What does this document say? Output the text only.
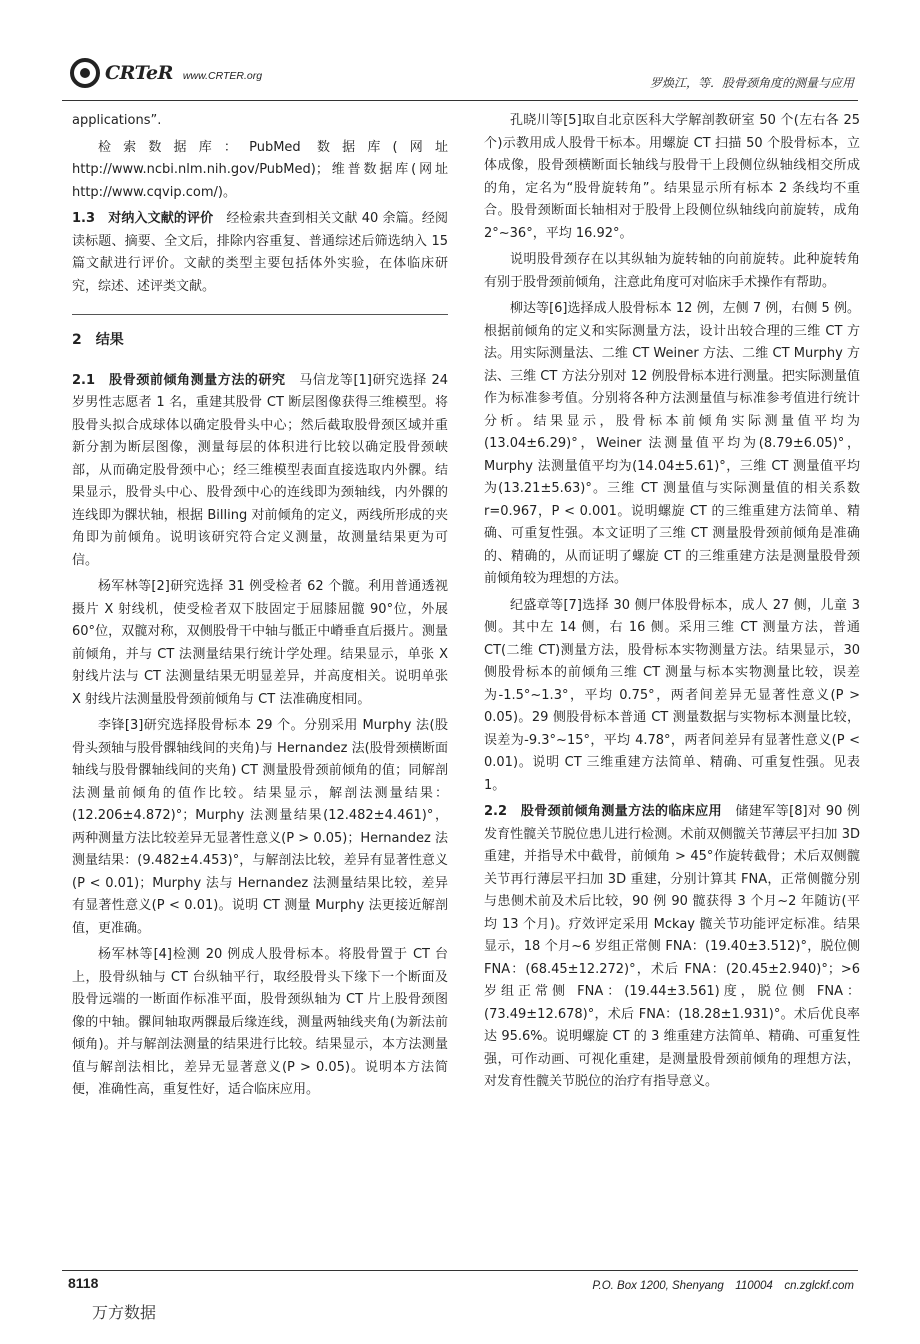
CRTeR www.CRTER.org	罗焕江，等．股骨颈角度的测量与应用

applications”.

检索数据库：PubMed 数据库(网址 http://www.ncbi.nlm.nih.gov/PubMed)；维普数据库(网址 http://www.cqvip.com/)。

1.3　对纳入文献的评价　经检索共查到相关文献 40 余篇。经阅读标题、摘要、全文后，排除内容重复、普通综述后筛选纳入 15 篇文献进行评价。文献的类型主要包括体外实验，在体临床研究，综述、述评类文献。

2 结果

2.1　股骨颈前倾角测量方法的研究　马信龙等[1]研究选择 24 岁男性志愿者 1 名，重建其股骨 CT 断层图像获得三维模型。将股骨头拟合成球体以确定股骨头中心；然后截取股骨颈区域并重新分割为断层图像，测量每层的体积进行比较以确定股骨颈峡部，从而确定股骨颈中心；经三维模型表面直接选取内外髁。结果显示，股骨头中心、股骨颈中心的连线即为颈轴线，内外髁的连线即为髁状轴，根据 Billing 对前倾角的定义，两线所形成的夹角即为前倾角。说明该研究符合定义测量，故测量结果更为可信。

杨军林等[2]研究选择 31 例受检者 62 个髋。利用普通透视摄片 X 射线机，使受检者双下肢固定于屈膝屈髋 90°位，外展 60°位，双髋对称，双侧股骨干中轴与骶正中嵴垂直后摄片。测量前倾角，并与 CT 法测量结果行统计学处理。结果显示，单张 X 射线片法与 CT 法测量结果无明显差异，并高度相关。说明单张 X 射线片法测量股骨颈前倾角与 CT 法准确度相同。

李锋[3]研究选择股骨标本 29 个。分别采用 Murphy 法(股骨头颈轴与股骨髁轴线间的夹角)与 Hernandez 法(股骨颈横断面轴线与股骨髁轴线间的夹角) CT 测量股骨颈前倾角的值；同解剖法测量前倾角的值作比较。结果显示，解剖法测量结果：(12.206±4.872)°；Murphy 法测量结果(12.482±4.461)°，两种测量方法比较差异无显著性意义(P > 0.05)；Hernandez 法测量结果：(9.482±4.453)°，与解剖法比较，差异有显著性意义(P < 0.01)；Murphy 法与 Hernandez 法测量结果比较，差异有显著性意义(P < 0.01)。说明 CT 测量 Murphy 法更接近解剖值，更准确。

杨军林等[4]检测 20 例成人股骨标本。将股骨置于 CT 台上，股骨纵轴与 CT 台纵轴平行，取经股骨头下缘下一个断面及股骨远端的一断面作标准平面，股骨颈纵轴为 CT 片上股骨颈图像的中轴。髁间轴取两髁最后缘连线，测量两轴线夹角(为新法前倾角)。并与解剖法测量的结果进行比较。结果显示，本方法测量值与解剖法相比，差异无显著意义(P > 0.05)。说明本方法简便，准确性高，重复性好，适合临床应用。

孔晓川等[5]取自北京医科大学解剖教研室 50 个(左右各 25 个)示教用成人股骨干标本。用螺旋 CT 扫描 50 个股骨标本，立体成像，股骨颈横断面长轴线与股骨干上段侧位纵轴线相交所成的角，定名为“股骨旋转角”。结果显示所有标本 2 条线均不重合。股骨颈断面长轴相对于股骨上段侧位纵轴线向前旋转，成角 2°~36°，平均 16.92°。

说明股骨颈存在以其纵轴为旋转轴的向前旋转。此种旋转角有别于股骨颈前倾角，注意此角度可对临床手术操作有帮助。

柳达等[6]选择成人股骨标本 12 例，左侧 7 例，右侧 5 例。根据前倾角的定义和实际测量方法，设计出较合理的三维 CT 方法。用实际测量法、二维 CT Weiner 方法、二维 CT Murphy 方法、三维 CT 方法分别对 12 例股骨标本进行测量。把实际测量值作为标准参考值。分别将各种方法测量值与标准参考值进行统计分析。结果显示，股骨标本前倾角实际测量值平均为(13.04±6.29)°，Weiner 法测量值平均为(8.79±6.05)°，Murphy 法测量值平均为(14.04±5.61)°，三维 CT 测量值平均为(13.21±5.63)°。三维 CT 测量值与实际测量值的相关系数 r=0.967，P < 0.001。说明螺旋 CT 的三维重建方法简单、精确、可重复性强。本文证明了三维 CT 测量股骨颈前倾角是准确的、精确的，从而证明了螺旋 CT 的三维重建方法是测量股骨颈前倾角较为理想的方法。

纪盛章等[7]选择 30 侧尸体股骨标本，成人 27 侧，儿童 3 侧。其中左 14 侧，右 16 侧。采用三维 CT 测量方法，普通 CT(二维 CT)测量方法，股骨标本实物测量方法。结果显示，30 侧股骨标本的前倾角三维 CT 测量与标本实物测量比较，误差为-1.5°~1.3°，平均 0.75°，两者间差异无显著性意义(P > 0.05)。29 侧股骨标本普通 CT 测量数据与实物标本测量比较，误差为-9.3°~15°，平均 4.78°，两者间差异有显著性意义(P < 0.01)。说明 CT 三维重建方法简单、精确、可重复性强。见表 1。

2.2　股骨颈前倾角测量方法的临床应用　储建军等[8]对 90 例发育性髋关节脱位患儿进行检测。术前双侧髋关节薄层平扫加 3D 重建，并指导术中截骨，前倾角 > 45°作旋转截骨；术后双侧髋关节再行薄层平扫加 3D 重建，分别计算其 FNA，正常侧髋分别与患侧术前及术后比较，90 例 90 髋获得 3 个月~2 年随访(平均 13 个月)。疗效评定采用 Mckay 髋关节功能评定标准。结果显示，18 个月~6 岁组正常侧 FNA：(19.40±3.512)°，脱位侧 FNA：(68.45±12.272)°，术后 FNA：(20.45±2.940)°；>6 岁组正常侧 FNA：(19.44±3.561)度，脱位侧 FNA：(73.49±12.678)°，术后 FNA：(18.28±1.931)°。术后优良率达 95.6%。说明螺旋 CT 的 3 维重建方法简单、精确、可重复性强，可作动画、可视化重建，是测量股骨颈前倾角的理想方法，对发育性髋关节脱位的治疗有指导意义。

8118	P.O. Box 1200, Shenyang　110004　cn.zglckf.com
万方数据
